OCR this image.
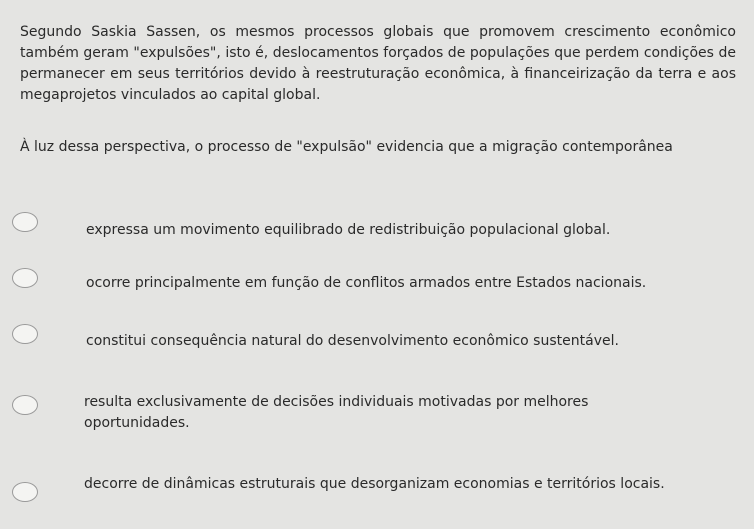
Segundo Saskia Sassen, os mesmos processos globais que promovem crescimento econômico também geram "expulsões", isto é, deslocamentos forçados de populações que perdem condições de permanecer em seus territórios devido à reestruturação econômica, à financeirização da terra e aos megaprojetos vinculados ao capital global.

À luz dessa perspectiva, o processo de "expulsão" evidencia que a migração contemporânea

expressa um movimento equilibrado de redistribuição populacional global.
ocorre principalmente em função de conflitos armados entre Estados nacionais.
constitui consequência natural do desenvolvimento econômico sustentável.
resulta exclusivamente de decisões individuais motivadas por melhores oportunidades.
decorre de dinâmicas estruturais que desorganizam economias e territórios locais.
